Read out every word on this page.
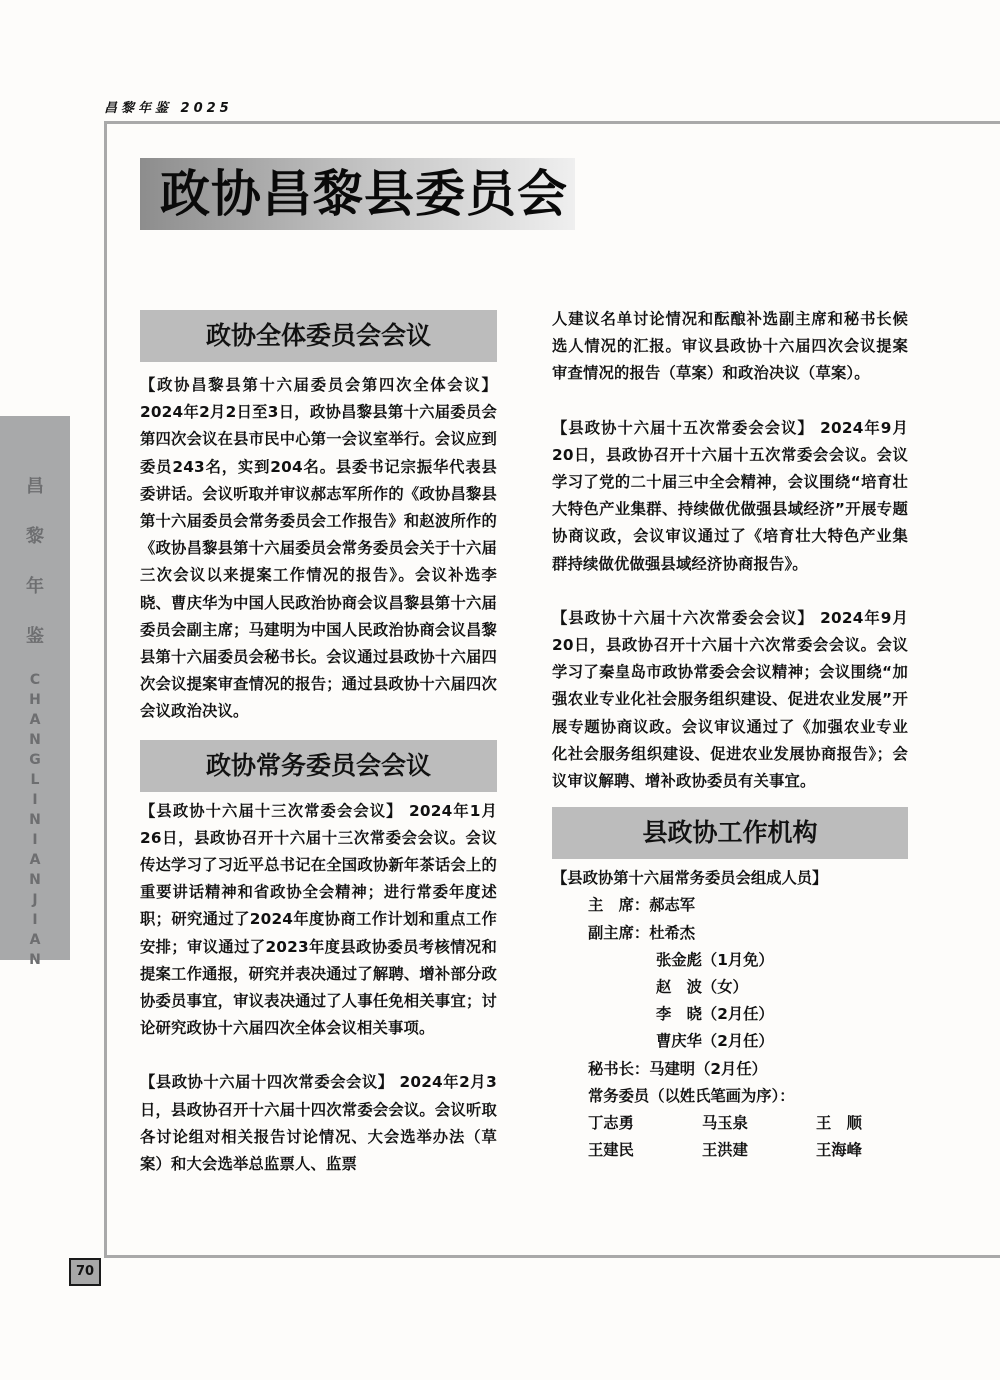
昌黎年鉴 2025
政协昌黎县委员会
昌
黎
年
鉴
C
H
A
N
G
L
I
N
I
A
N
J
I
A
N
政协全体委员会会议

【政协昌黎县第十六届委员会第四次全体会议】2024年2月2日至3日，政协昌黎县第十六届委员会第四次会议在县市民中心第一会议室举行。会议应到委员243名，实到204名。县委书记宗振华代表县委讲话。会议听取并审议郝志军所作的《政协昌黎县第十六届委员会常务委员会工作报告》和赵波所作的《政协昌黎县第十六届委员会常务委员会关于十六届三次会议以来提案工作情况的报告》。会议补选李晓、曹庆华为中国人民政治协商会议昌黎县第十六届委员会副主席；马建明为中国人民政治协商会议昌黎县第十六届委员会秘书长。会议通过县政协十六届四次会议提案审查情况的报告；通过县政协十六届四次会议政治决议。

政协常务委员会会议

【县政协十六届十三次常委会会议】 2024年1月26日，县政协召开十六届十三次常委会会议。会议传达学习了习近平总书记在全国政协新年茶话会上的重要讲话精神和省政协全会精神；进行常委年度述职；研究通过了2024年度协商工作计划和重点工作安排；审议通过了2023年度县政协委员考核情况和提案工作通报，研究并表决通过了解聘、增补部分政协委员事宜，审议表决通过了人事任免相关事宜；讨论研究政协十六届四次全体会议相关事项。

【县政协十六届十四次常委会会议】 2024年2月3日，县政协召开十六届十四次常委会会议。会议听取各讨论组对相关报告讨论情况、大会选举办法（草案）和大会选举总监票人、监票

人建议名单讨论情况和酝酿补选副主席和秘书长候选人情况的汇报。审议县政协十六届四次会议提案审查情况的报告（草案）和政治决议（草案）。

【县政协十六届十五次常委会会议】 2024年9月20日，县政协召开十六届十五次常委会会议。会议学习了党的二十届三中全会精神，会议围绕“培育壮大特色产业集群、持续做优做强县域经济”开展专题协商议政，会议审议通过了《培育壮大特色产业集群持续做优做强县域经济协商报告》。

【县政协十六届十六次常委会会议】 2024年9月20日，县政协召开十六届十六次常委会会议。会议学习了秦皇岛市政协常委会会议精神；会议围绕“加强农业专业化社会服务组织建设、促进农业发展”开展专题协商议政。会议审议通过了《加强农业专业化社会服务组织建设、促进农业发展协商报告》；会议审议解聘、增补政协委员有关事宜。

县政协工作机构
【县政协第十六届常务委员会组成人员】
主　席：郝志军
副主席：杜希杰
张金彪（1月免）
赵　波（女）
李　晓（2月任）
曹庆华（2月任）
秘书长：马建明（2月任）
常务委员（以姓氏笔画为序）：
丁志勇	马玉泉	王　顺
王建民	王洪建	王海峰
70
